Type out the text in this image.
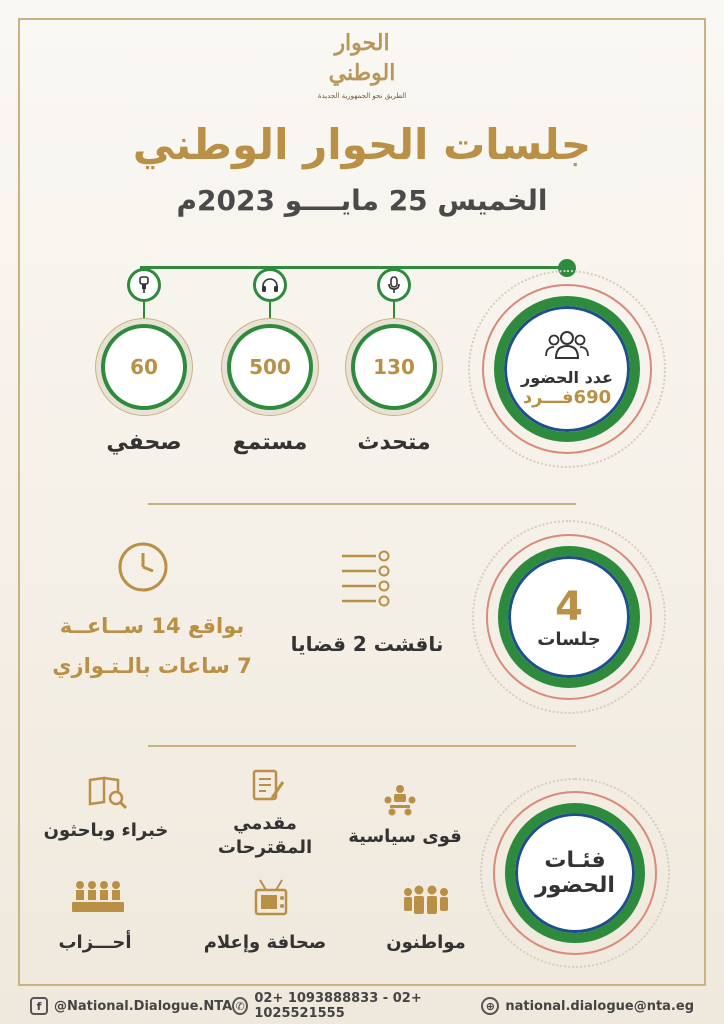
الحوار الوطني
الطريق نحو الجمهورية الجديدة
جلسات الحوار الوطني
الخميس 25 مايــــو 2023م
130
متحدث
500
مستمع
60
صحفي
عدد الحضور
690فـــرد
4
جلسات
ناقشت 2 قضايا
بواقع 14 ســاعــة
7 ساعات بالـتـوازي
فئـات
الحضور
قوى سياسية
مقدمي المقترحات
خبراء وباحثون
مواطنون
صحافة وإعلام
أحـــزاب
f @National.Dialogue.NTA ✆ 02+ 1093888833 - 02+ 1025521555	⊕ national.dialogue@nta.eg
